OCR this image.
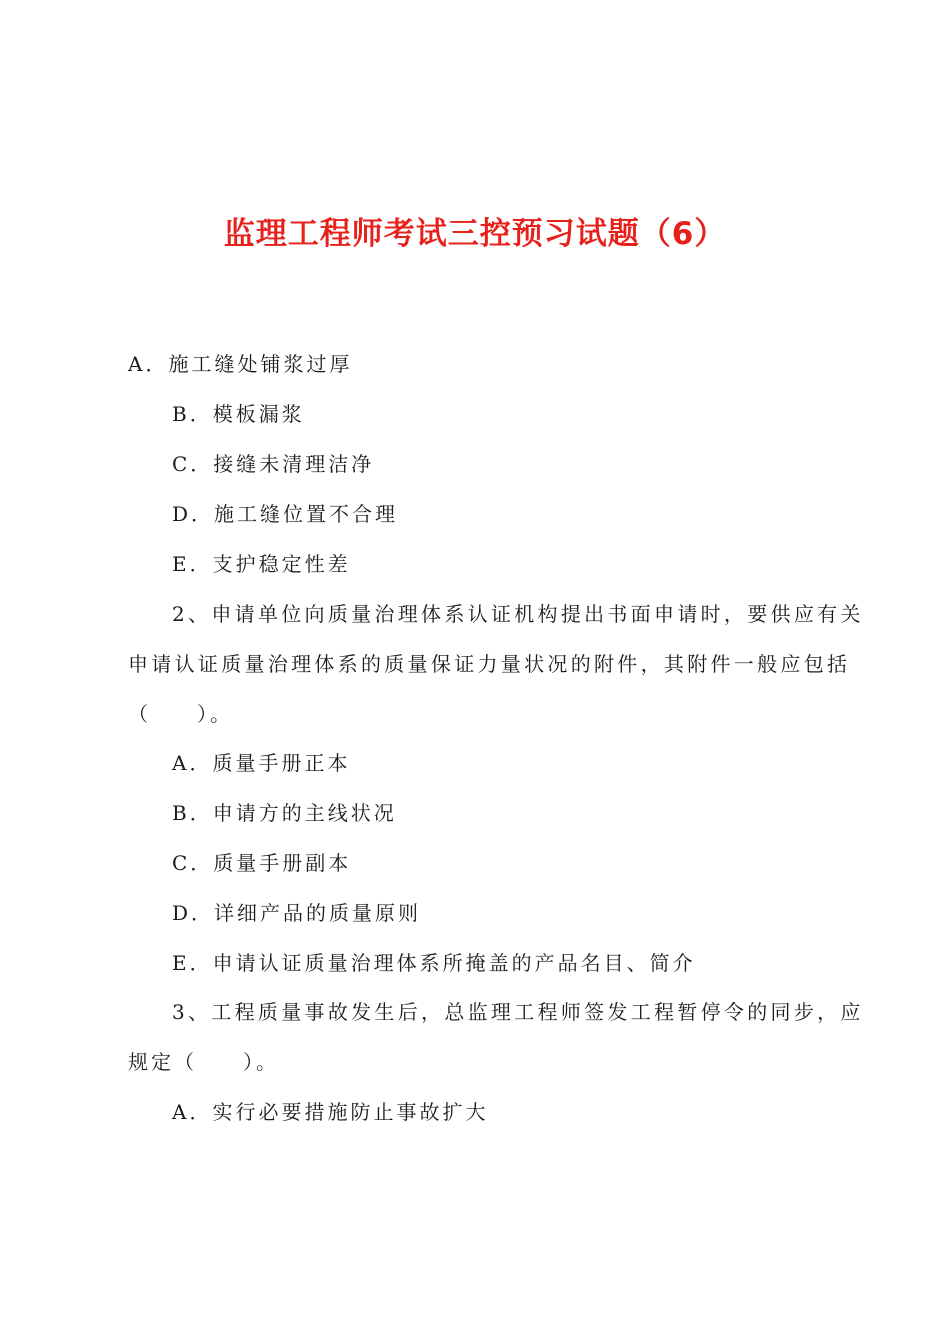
监理工程师考试三控预习试题（6）
A．施工缝处铺浆过厚
B．模板漏浆
C．接缝未清理洁净
D．施工缝位置不合理
E．支护稳定性差
2、申请单位向质量治理体系认证机构提出书面申请时，要供应有关
申请认证质量治理体系的质量保证力量状况的附件，其附件一般应包括
（　　）。
A．质量手册正本
B．申请方的主线状况
C．质量手册副本
D．详细产品的质量原则
E．申请认证质量治理体系所掩盖的产品名目、简介
3、工程质量事故发生后，总监理工程师签发工程暂停令的同步，应
规定（　　）。
A．实行必要措施防止事故扩大
